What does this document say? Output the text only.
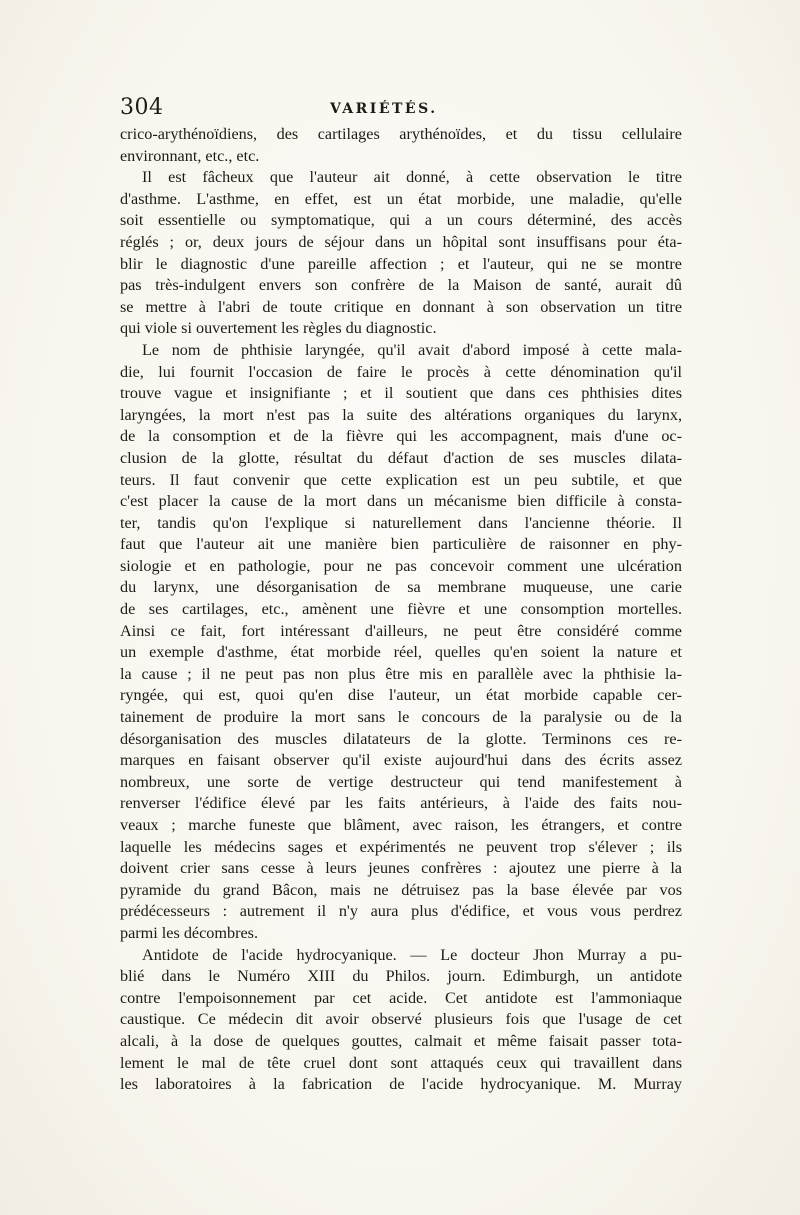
304	VARIÉTÉS.
crico-arythénoïdiens, des cartilages arythénoïdes, et du tissu cellulaire
environnant, etc., etc.
Il est fâcheux que l'auteur ait donné, à cette observation le titre
d'asthme. L'asthme, en effet, est un état morbide, une maladie, qu'elle
soit essentielle ou symptomatique, qui a un cours déterminé, des accès
réglés ; or, deux jours de séjour dans un hôpital sont insuffisans pour éta-
blir le diagnostic d'une pareille affection ; et l'auteur, qui ne se montre
pas très-indulgent envers son confrère de la Maison de santé, aurait dû
se mettre à l'abri de toute critique en donnant à son observation un titre
qui viole si ouvertement les règles du diagnostic.
Le nom de phthisie laryngée, qu'il avait d'abord imposé à cette mala-
die, lui fournit l'occasion de faire le procès à cette dénomination qu'il
trouve vague et insignifiante ; et il soutient que dans ces phthisies dites
laryngées, la mort n'est pas la suite des altérations organiques du larynx,
de la consomption et de la fièvre qui les accompagnent, mais d'une oc-
clusion de la glotte, résultat du défaut d'action de ses muscles dilata-
teurs. Il faut convenir que cette explication est un peu subtile, et que
c'est placer la cause de la mort dans un mécanisme bien difficile à consta-
ter, tandis qu'on l'explique si naturellement dans l'ancienne théorie. Il
faut que l'auteur ait une manière bien particulière de raisonner en phy-
siologie et en pathologie, pour ne pas concevoir comment une ulcération
du larynx, une désorganisation de sa membrane muqueuse, une carie
de ses cartilages, etc., amènent une fièvre et une consomption mortelles.
Ainsi ce fait, fort intéressant d'ailleurs, ne peut être considéré comme
un exemple d'asthme, état morbide réel, quelles qu'en soient la nature et
la cause ; il ne peut pas non plus être mis en parallèle avec la phthisie la-
ryngée, qui est, quoi qu'en dise l'auteur, un état morbide capable cer-
tainement de produire la mort sans le concours de la paralysie ou de la
désorganisation des muscles dilatateurs de la glotte. Terminons ces re-
marques en faisant observer qu'il existe aujourd'hui dans des écrits assez
nombreux, une sorte de vertige destructeur qui tend manifestement à
renverser l'édifice élevé par les faits antérieurs, à l'aide des faits nou-
veaux ; marche funeste que blâment, avec raison, les étrangers, et contre
laquelle les médecins sages et expérimentés ne peuvent trop s'élever ; ils
doivent crier sans cesse à leurs jeunes confrères : ajoutez une pierre à la
pyramide du grand Bâcon, mais ne détruisez pas la base élevée par vos
prédécesseurs : autrement il n'y aura plus d'édifice, et vous vous perdrez
parmi les décombres.
Antidote de l'acide hydrocyanique. — Le docteur Jhon Murray a pu-
blié dans le Numéro XIII du Philos. journ. Edimburgh, un antidote
contre l'empoisonnement par cet acide. Cet antidote est l'ammoniaque
caustique. Ce médecin dit avoir observé plusieurs fois que l'usage de cet
alcali, à la dose de quelques gouttes, calmait et même faisait passer tota-
lement le mal de tête cruel dont sont attaqués ceux qui travaillent dans
les laboratoires à la fabrication de l'acide hydrocyanique. M. Murray
